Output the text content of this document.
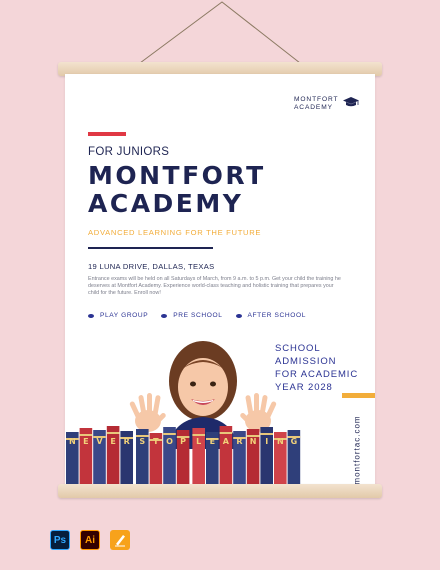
MONTFORT
ACADEMY
FOR JUNIORS
MONTFORT
ACADEMY
ADVANCED LEARNING FOR THE FUTURE
19 LUNA DRIVE, DALLAS, TEXAS
Entrance exams will be held on all Saturdays of March, from 9 a.m. to 5 p.m. Get your child the training he deserves at Montfort Academy. Experience world-class teaching and holistic training that prepares your child for the future. Enroll now!
PLAY GROUP	PRE SCHOOL	AFTER SCHOOL
SCHOOL
ADMISSION
FOR ACADEMIC
YEAR 2028
montfortac.com
N E V E R S T O P L E A R N I N G
Ps	Ai
